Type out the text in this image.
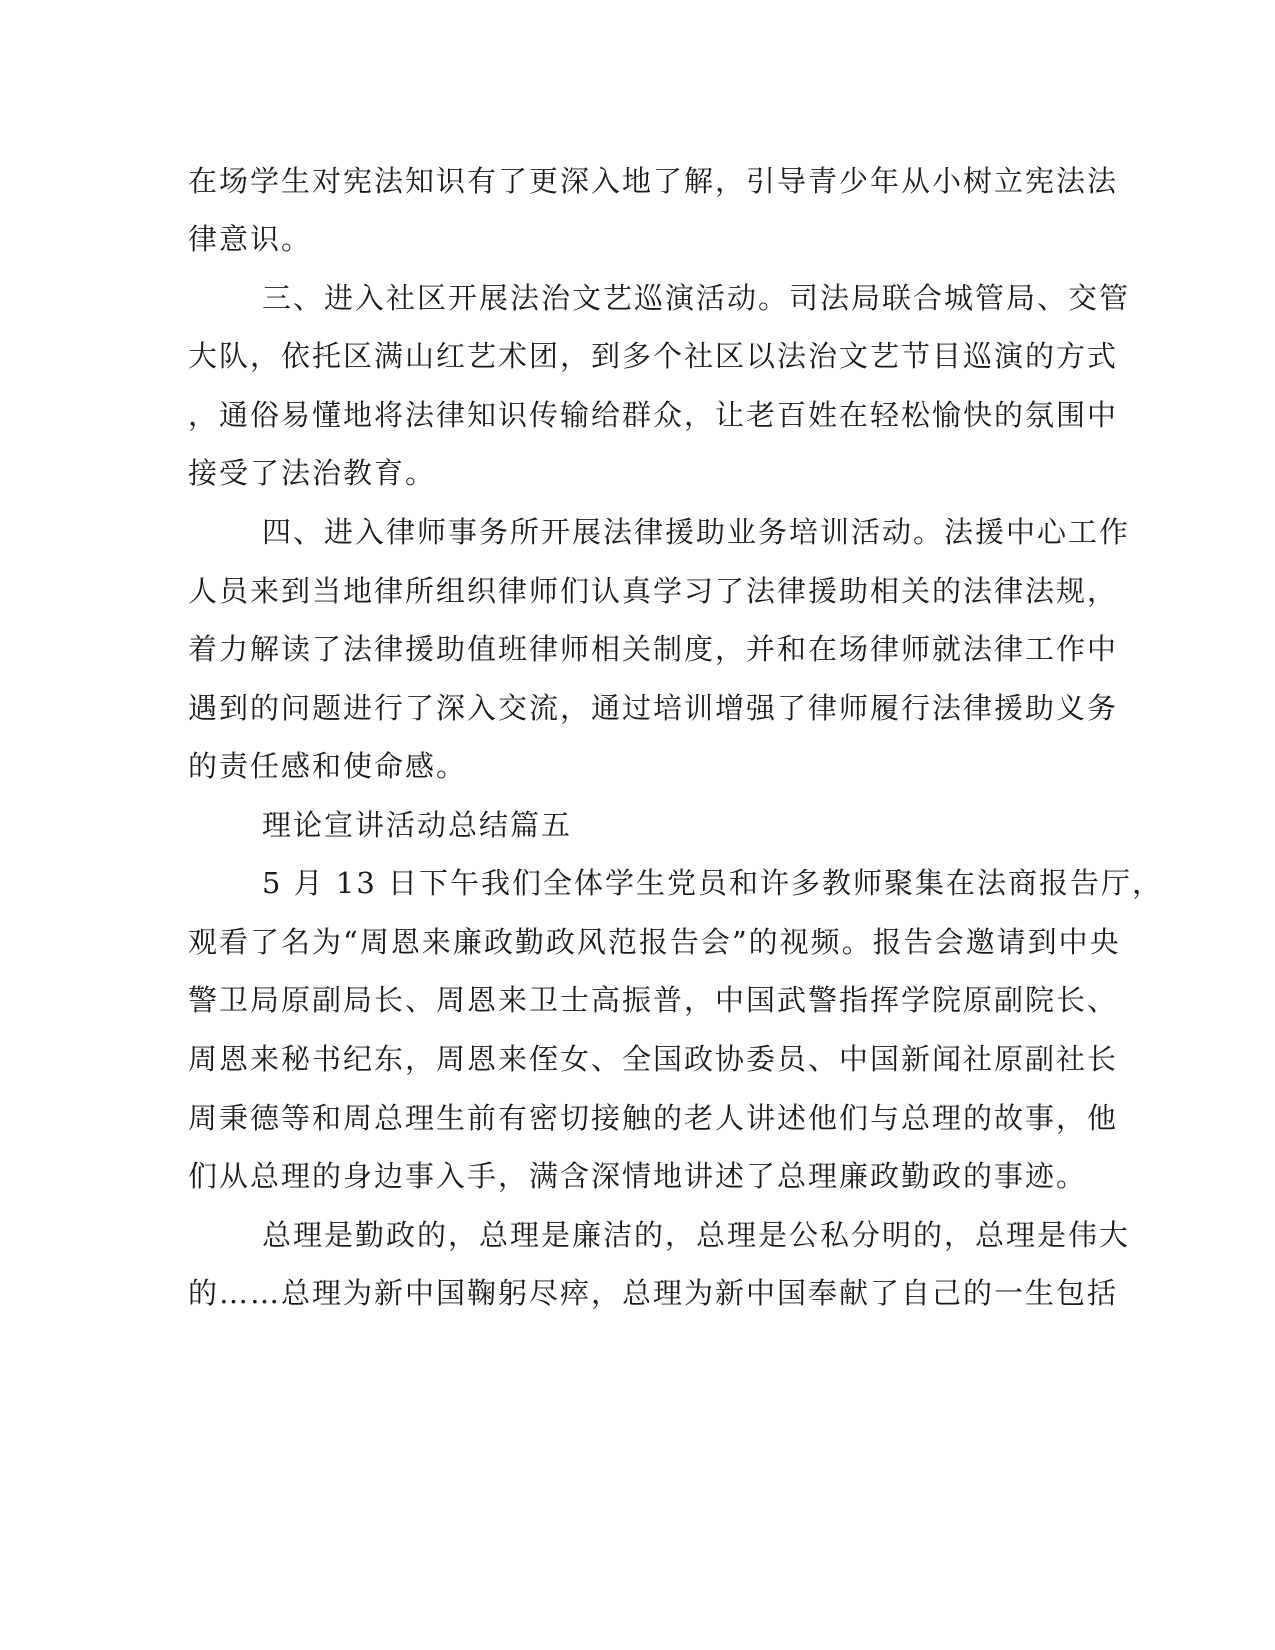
在场学生对宪法知识有了更深入地了解，引导青少年从小树立宪法法
律意识。
三、进入社区开展法治文艺巡演活动。司法局联合城管局、交管
大队，依托区满山红艺术团，到多个社区以法治文艺节目巡演的方式
，通俗易懂地将法律知识传输给群众，让老百姓在轻松愉快的氛围中
接受了法治教育。
四、进入律师事务所开展法律援助业务培训活动。法援中心工作
人员来到当地律所组织律师们认真学习了法律援助相关的法律法规，
着力解读了法律援助值班律师相关制度，并和在场律师就法律工作中
遇到的问题进行了深入交流，通过培训增强了律师履行法律援助义务
的责任感和使命感。
理论宣讲活动总结篇五
5 月 13 日下午我们全体学生党员和许多教师聚集在法商报告厅，
观看了名为“周恩来廉政勤政风范报告会”的视频。报告会邀请到中央
警卫局原副局长、周恩来卫士高振普，中国武警指挥学院原副院长、
周恩来秘书纪东，周恩来侄女、全国政协委员、中国新闻社原副社长
周秉德等和周总理生前有密切接触的老人讲述他们与总理的故事，他
们从总理的身边事入手，满含深情地讲述了总理廉政勤政的事迹。
总理是勤政的，总理是廉洁的，总理是公私分明的，总理是伟大
的……总理为新中国鞠躬尽瘁，总理为新中国奉献了自己的一生包括
